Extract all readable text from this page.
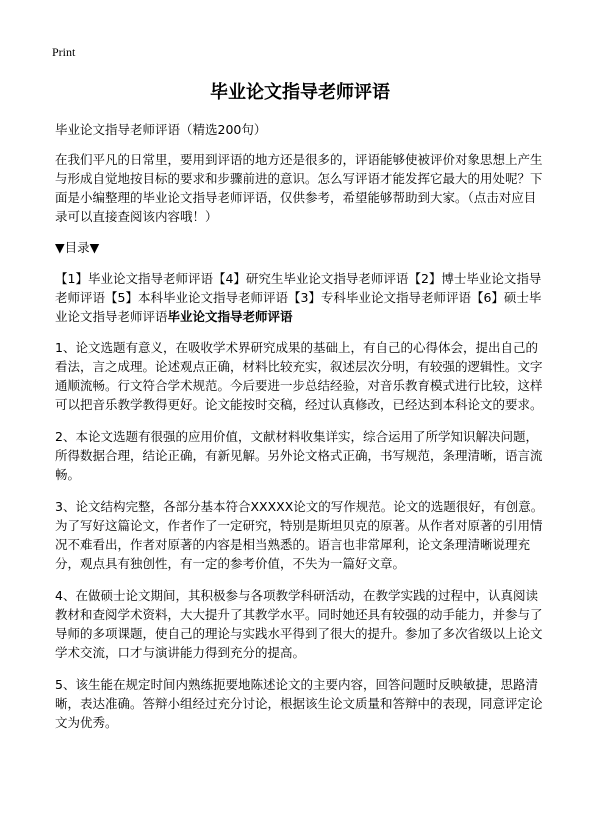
Print
毕业论文指导老师评语

毕业论文指导老师评语（精选200句）

在我们平凡的日常里，要用到评语的地方还是很多的，评语能够使被评价对象思想上产生与形成自觉地按目标的要求和步骤前进的意识。怎么写评语才能发挥它最大的用处呢？下面是小编整理的毕业论文指导老师评语，仅供参考，希望能够帮助到大家。（点击对应目录可以直接查阅该内容哦！）

▼目录▼

【1】毕业论文指导老师评语【4】研究生毕业论文指导老师评语【2】博士毕业论文指导老师评语【5】本科毕业论文指导老师评语【3】专科毕业论文指导老师评语【6】硕士毕业论文指导老师评语毕业论文指导老师评语

1、论文选题有意义，在吸收学术界研究成果的基础上，有自己的心得体会，提出自己的看法，言之成理。论述观点正确，材料比较充实，叙述层次分明，有较强的逻辑性。文字通顺流畅。行文符合学术规范。今后要进一步总结经验，对音乐教育模式进行比较，这样可以把音乐教学教得更好。论文能按时交稿，经过认真修改，已经达到本科论文的要求。

2、本论文选题有很强的应用价值，文献材料收集详实，综合运用了所学知识解决问题，所得数据合理，结论正确，有新见解。另外论文格式正确，书写规范，条理清晰，语言流畅。

3、论文结构完整，各部分基本符合XXXXX论文的写作规范。论文的选题很好，有创意。为了写好这篇论文，作者作了一定研究，特别是斯坦贝克的原著。从作者对原著的引用情况不难看出，作者对原著的内容是相当熟悉的。语言也非常犀利，论文条理清晰说理充分，观点具有独创性，有一定的参考价值，不失为一篇好文章。

4、在做硕士论文期间，其积极参与各项教学科研活动，在教学实践的过程中，认真阅读教材和查阅学术资料，大大提升了其教学水平。同时她还具有较强的动手能力，并参与了导师的多项课题，使自己的理论与实践水平得到了很大的提升。参加了多次省级以上论文学术交流，口才与演讲能力得到充分的提高。

5、该生能在规定时间内熟练扼要地陈述论文的主要内容，回答问题时反映敏捷，思路清晰，表达准确。答辩小组经过充分讨论，根据该生论文质量和答辩中的表现，同意评定论文为优秀。
